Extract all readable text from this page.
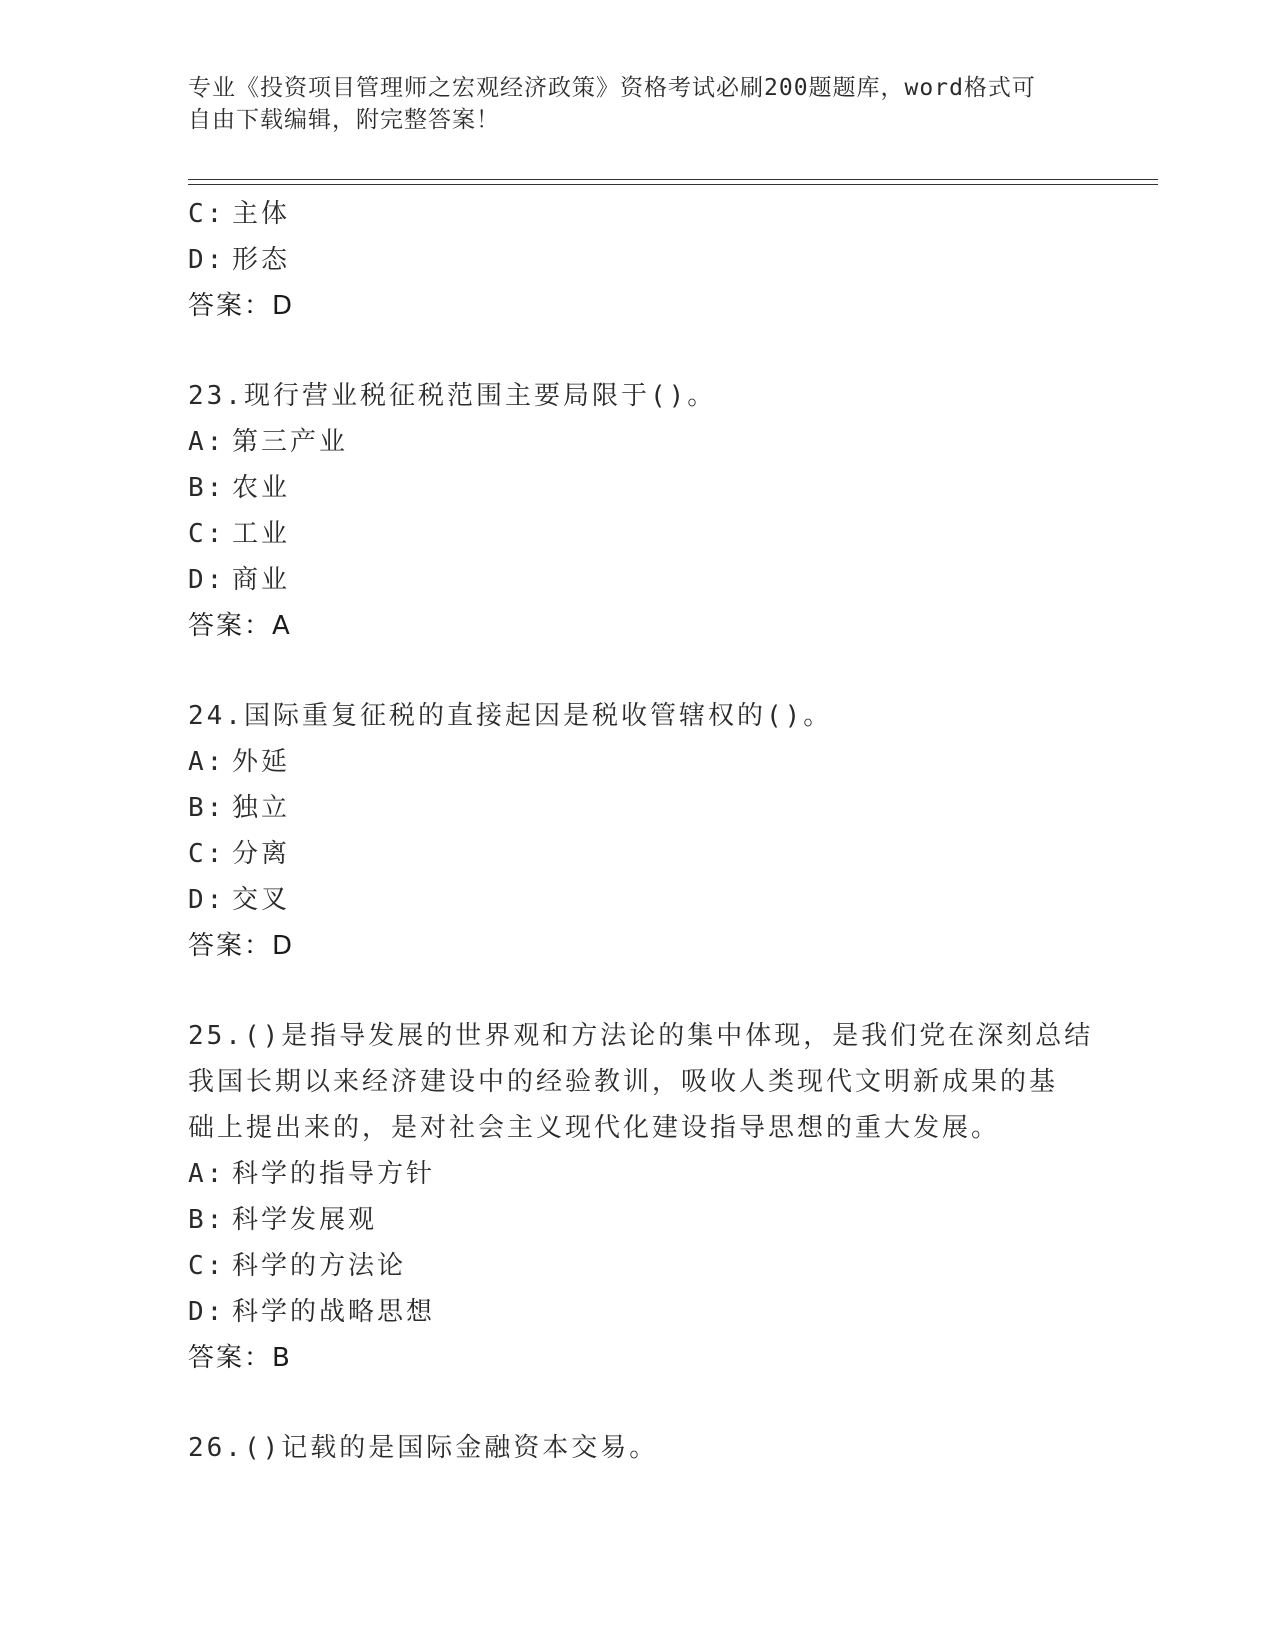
专业《投资项目管理师之宏观经济政策》资格考试必刷200题题库，word格式可
自由下载编辑，附完整答案！
C: 主体
D: 形态
答案：D
23.现行营业税征税范围主要局限于()。
A: 第三产业
B: 农业
C: 工业
D: 商业
答案：A
24.国际重复征税的直接起因是税收管辖权的()。
A: 外延
B: 独立
C: 分离
D: 交叉
答案：D
25.()是指导发展的世界观和方法论的集中体现，是我们党在深刻总结
我国长期以来经济建设中的经验教训，吸收人类现代文明新成果的基
础上提出来的，是对社会主义现代化建设指导思想的重大发展。
A: 科学的指导方针
B: 科学发展观
C: 科学的方法论
D: 科学的战略思想
答案：B
26.()记载的是国际金融资本交易。
